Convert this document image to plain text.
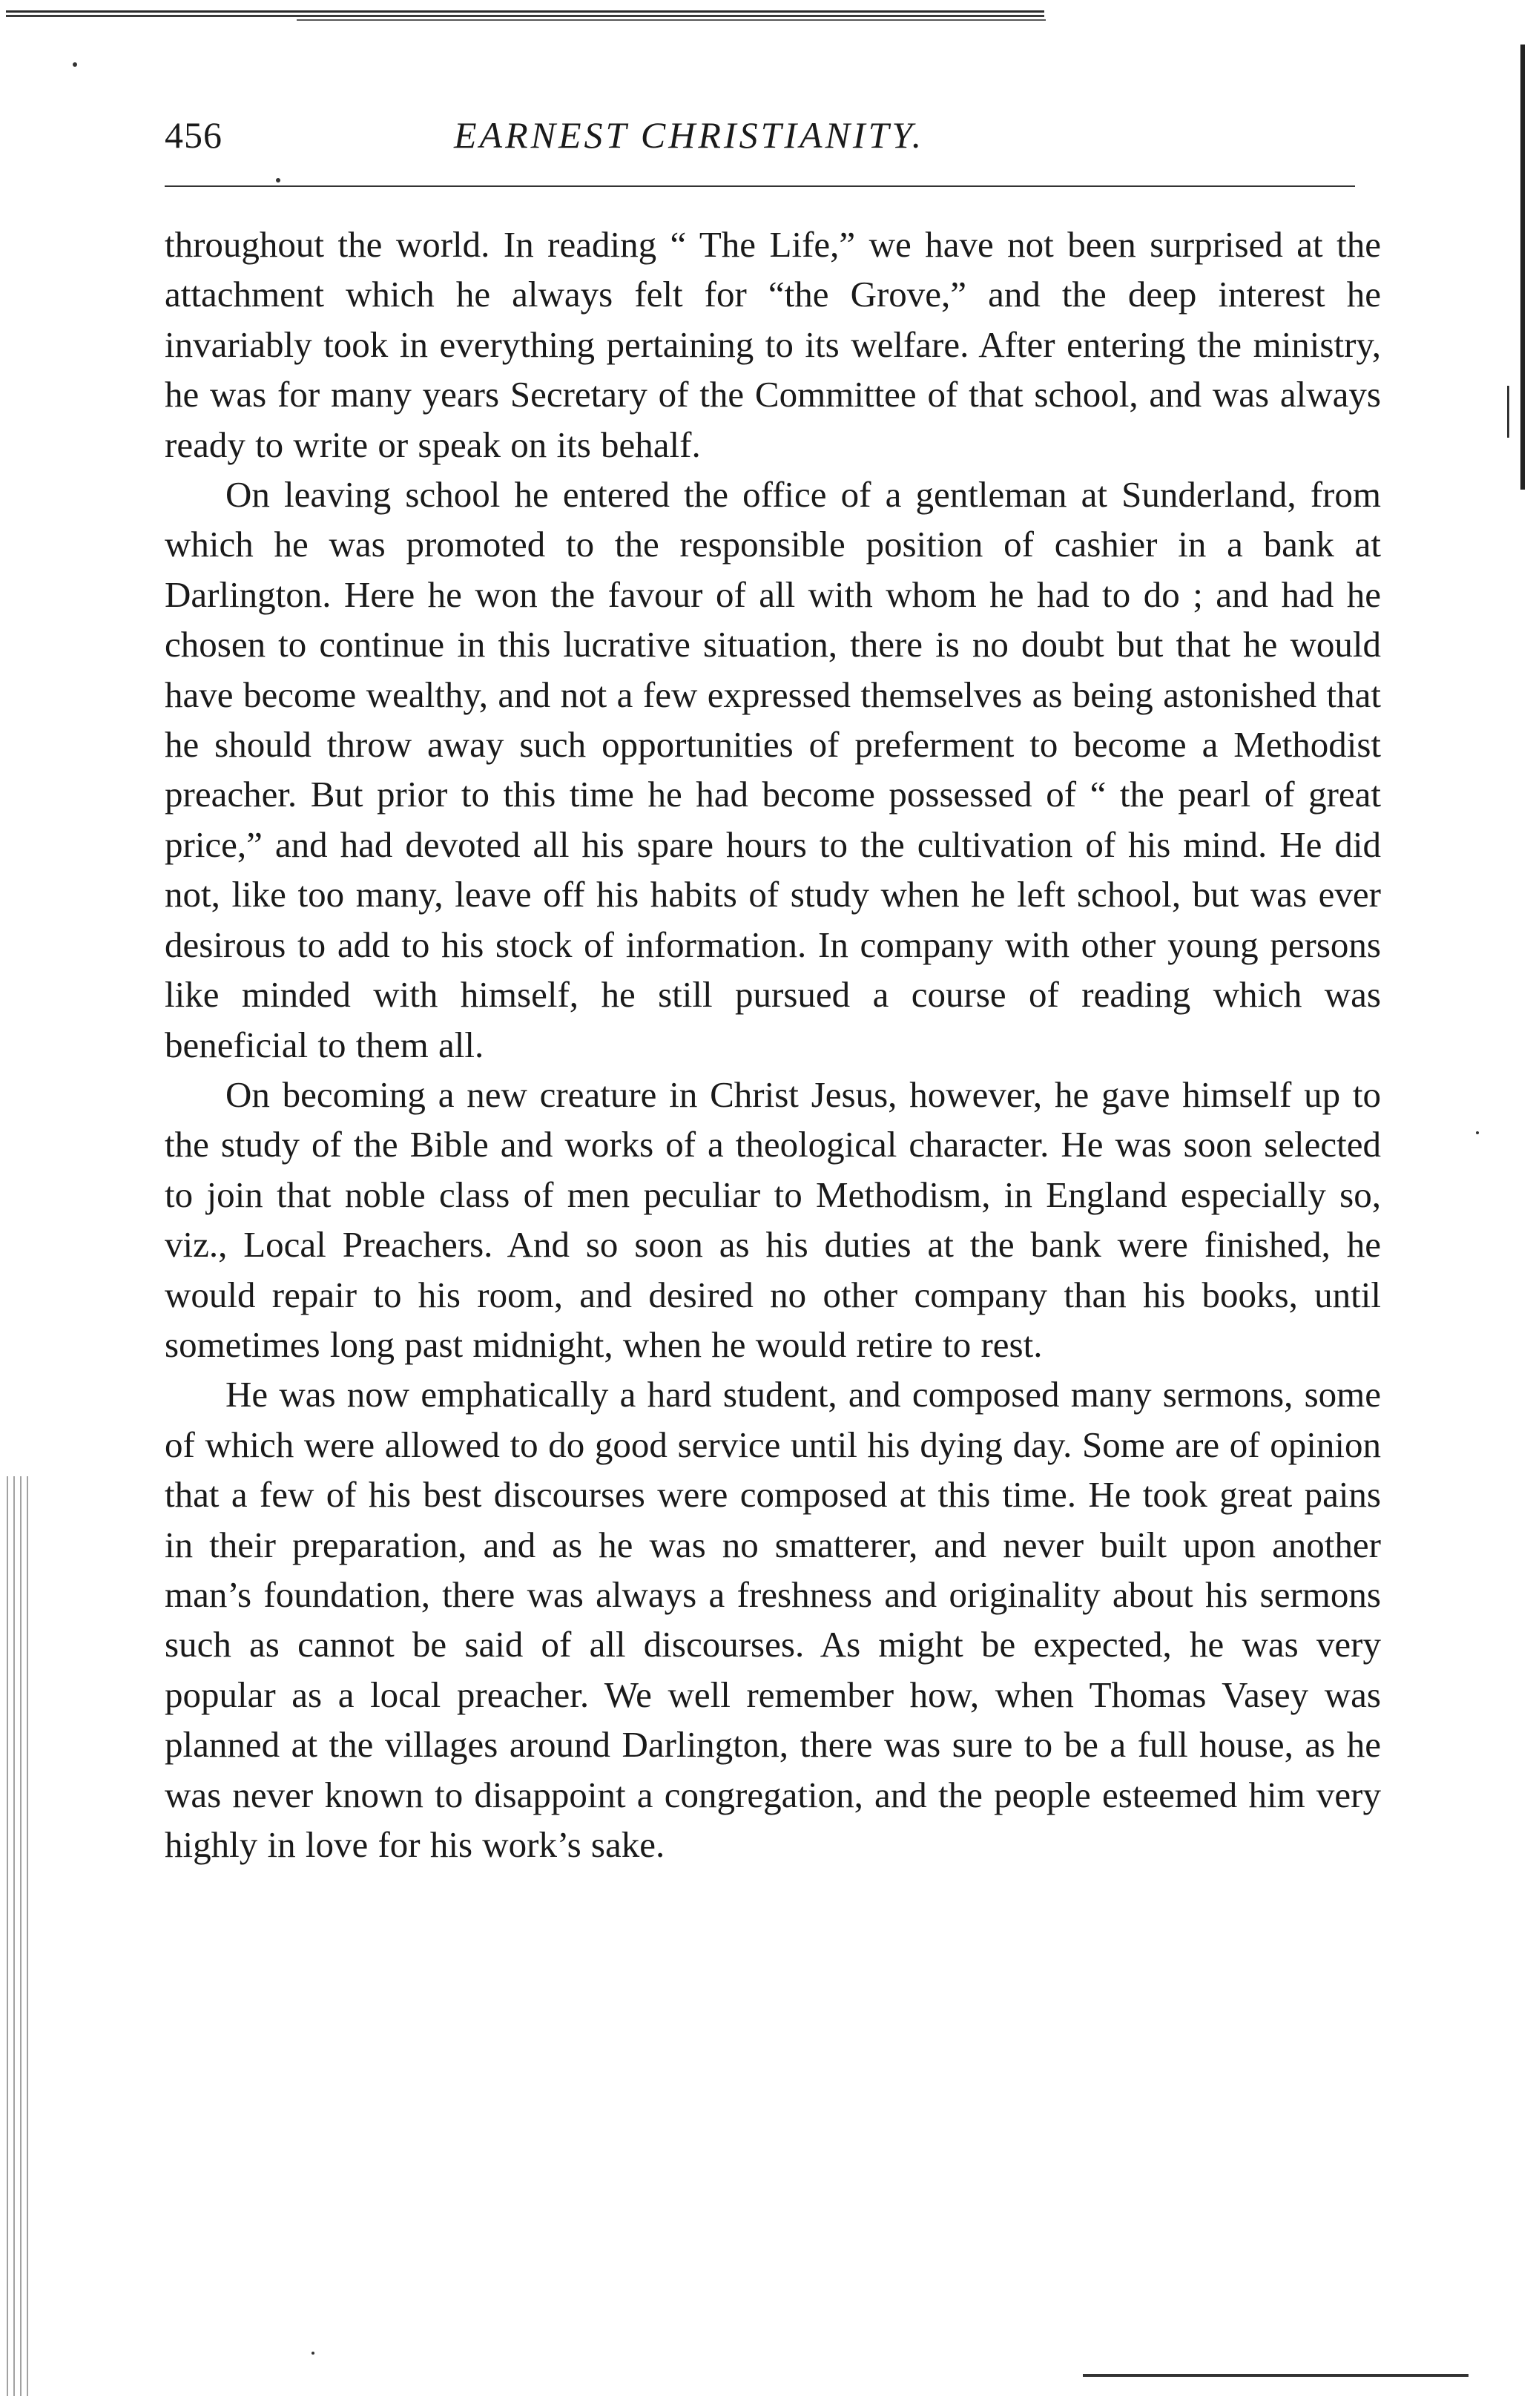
456	EARNEST CHRISTIANITY.

throughout the world. In reading “ The Life,” we have not been surprised at the attachment which he always felt for “the Grove,” and the deep interest he invariably took in everything pertaining to its welfare. After entering the ministry, he was for many years Secretary of the Committee of that school, and was always ready to write or speak on its behalf.

On leaving school he entered the office of a gentleman at Sunderland, from which he was promoted to the responsible position of cashier in a bank at Darlington. Here he won the favour of all with whom he had to do ; and had he chosen to continue in this lucrative situation, there is no doubt but that he would have become wealthy, and not a few expressed themselves as being astonished that he should throw away such opportunities of preferment to become a Methodist preacher. But prior to this time he had become possessed of “ the pearl of great price,” and had devoted all his spare hours to the cultivation of his mind. He did not, like too many, leave off his habits of study when he left school, but was ever desirous to add to his stock of information. In company with other young persons like minded with himself, he still pursued a course of reading which was beneficial to them all.

On becoming a new creature in Christ Jesus, however, he gave himself up to the study of the Bible and works of a theological character. He was soon selected to join that noble class of men peculiar to Methodism, in England especially so, viz., Local Preachers. And so soon as his duties at the bank were finished, he would repair to his room, and desired no other company than his books, until sometimes long past midnight, when he would retire to rest.

He was now emphatically a hard student, and composed many sermons, some of which were allowed to do good service until his dying day. Some are of opinion that a few of his best discourses were composed at this time. He took great pains in their preparation, and as he was no smatterer, and never built upon another man’s foundation, there was always a freshness and originality about his sermons such as cannot be said of all discourses. As might be expected, he was very popular as a local preacher. We well remember how, when Thomas Vasey was planned at the villages around Darlington, there was sure to be a full house, as he was never known to disappoint a congregation, and the people esteemed him very highly in love for his work’s sake.
